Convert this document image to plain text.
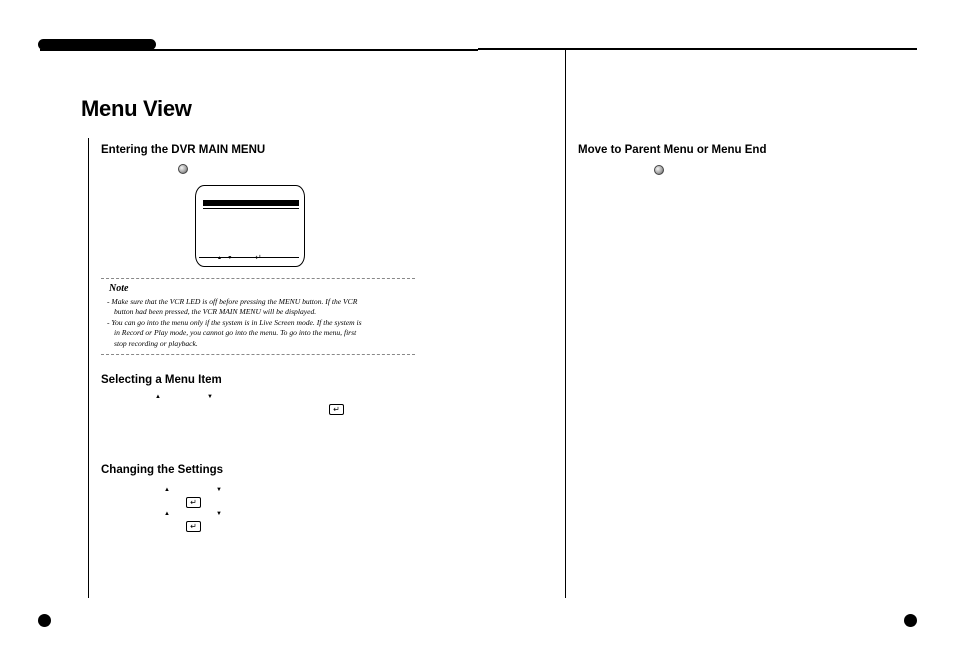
Menu View
Entering the DVR MAIN MENU
▲ ▼	↵
Note
- Make sure that the VCR LED is off before pressing the MENU button. If the VCR
button had been pressed, the VCR MAIN MENU will be displayed.
- You can go into the menu only if the system is in Live Screen mode. If the system is
in Record or Play mode, you cannot go into the menu. To go into the menu, first
stop recording or playback.
Selecting a Menu Item
▲	▼
↵
Changing the Settings
▲	▼
↵
▲	▼
↵
Move to Parent Menu or Menu End
